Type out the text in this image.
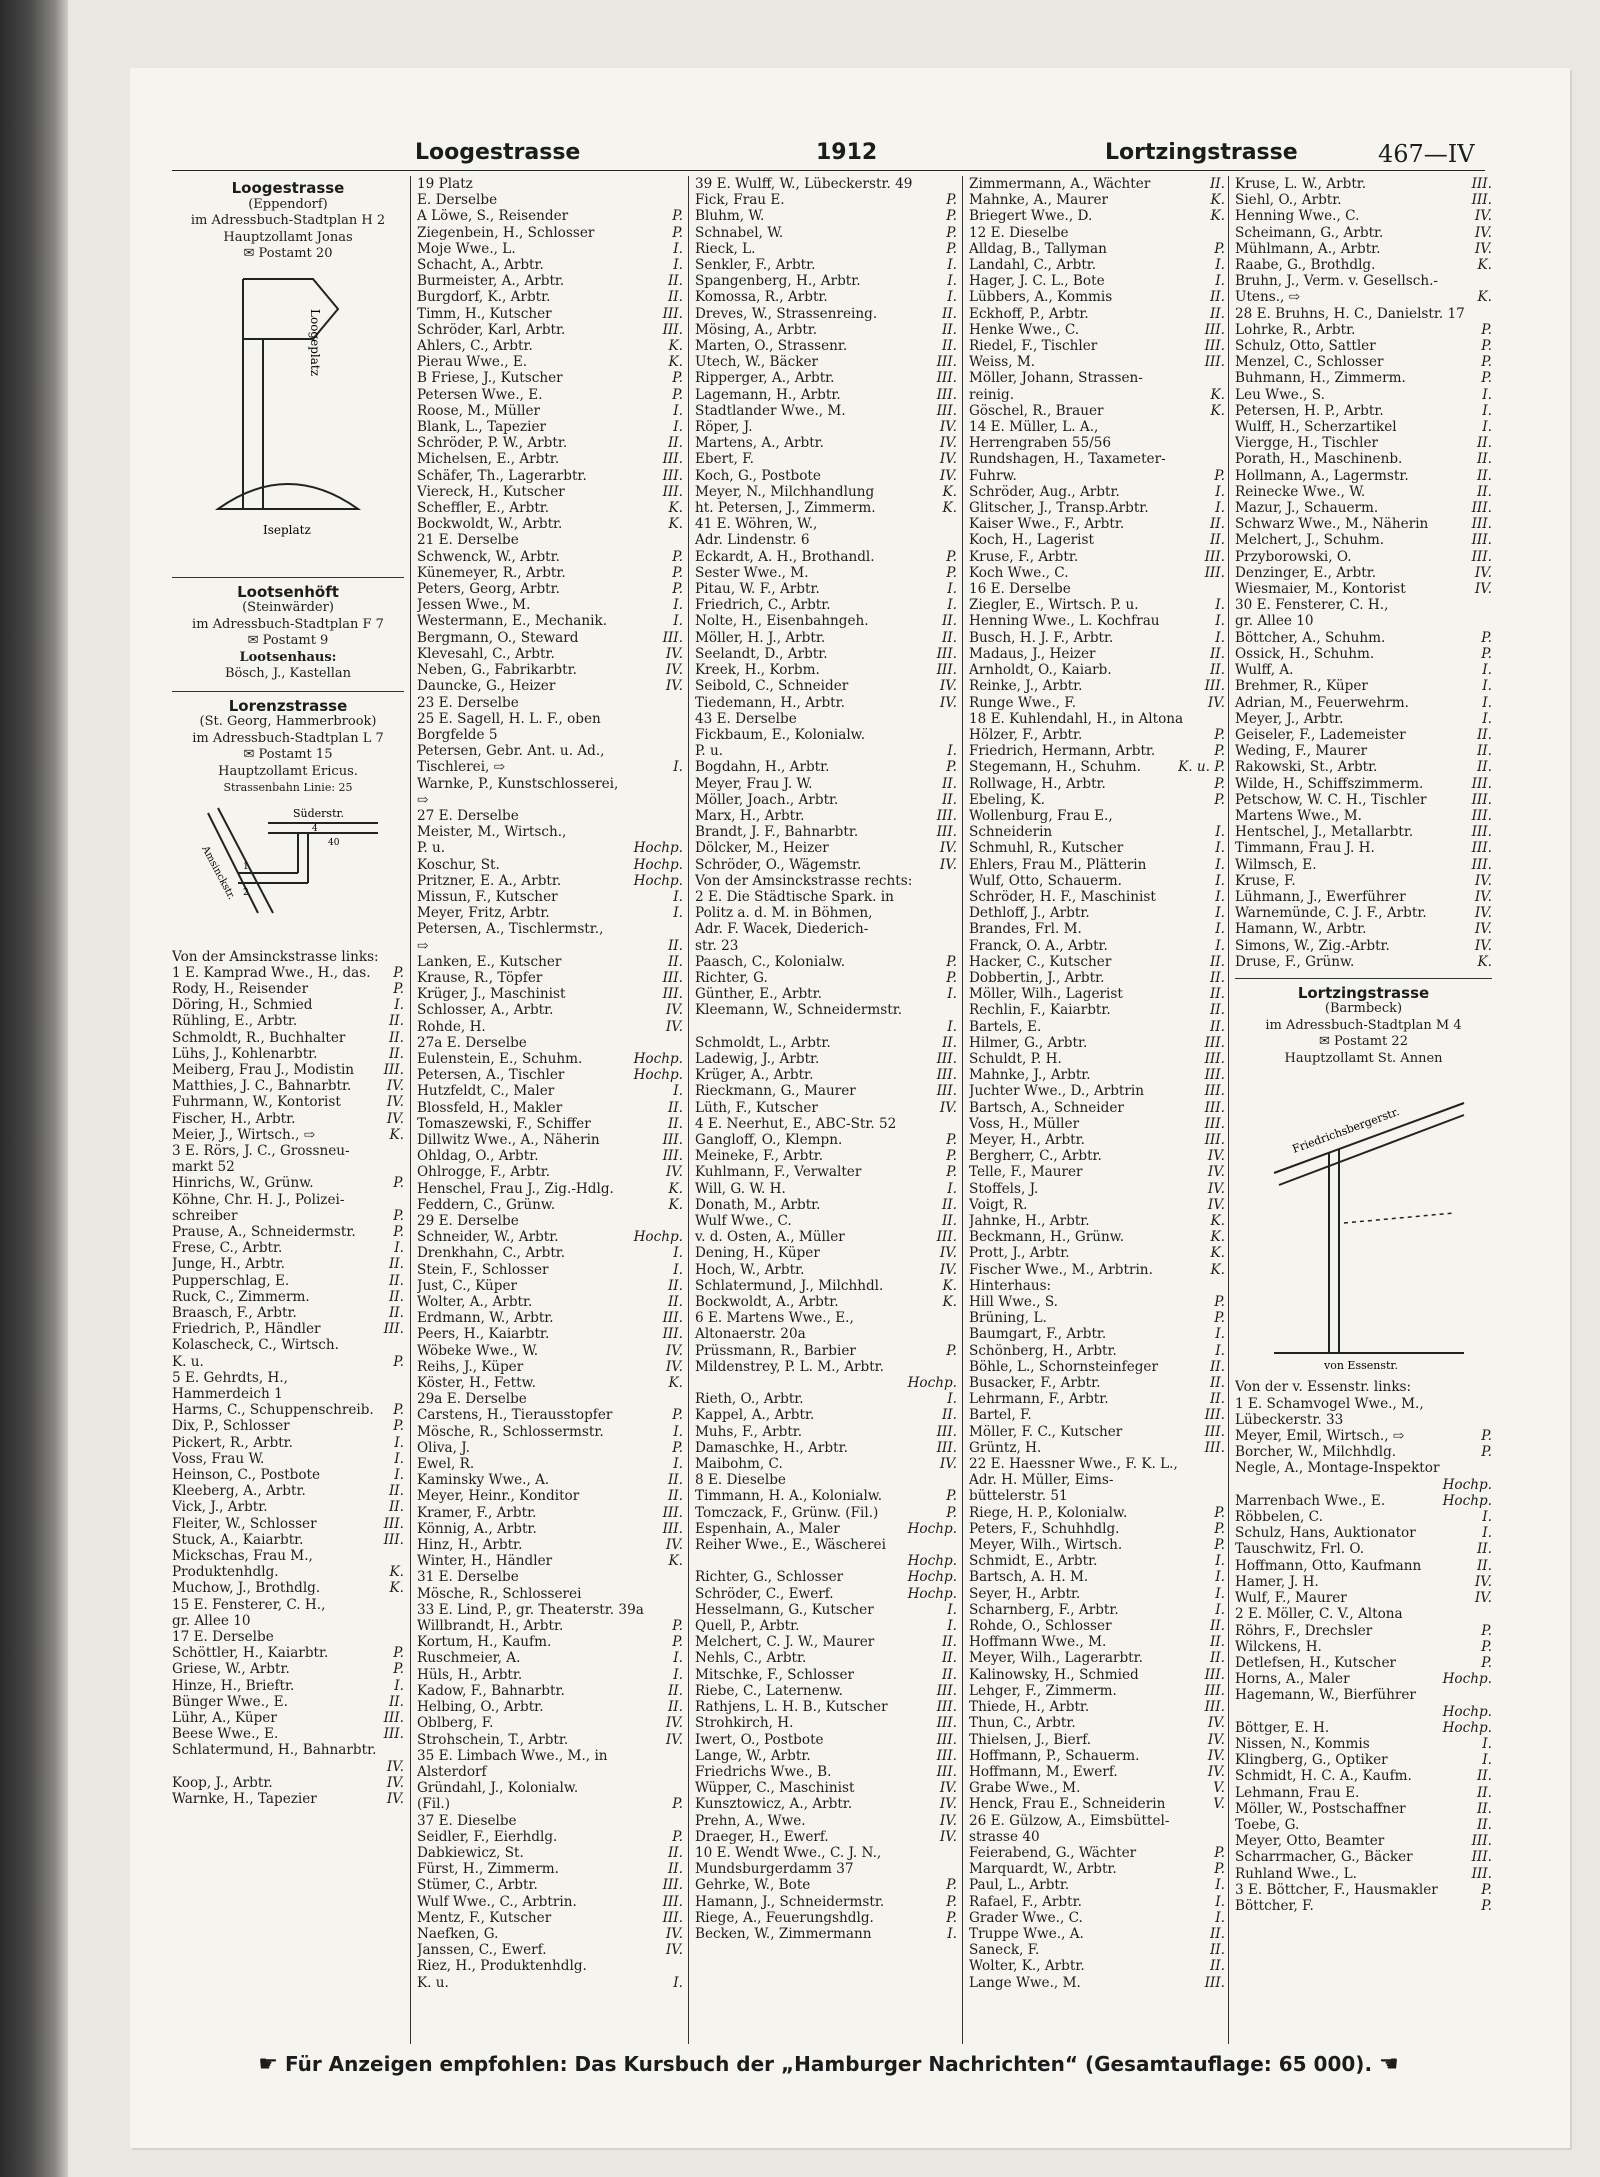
Loogestrasse	1912	Lortzingstrasse	467—IV
Loogestrasse
(Eppendorf)
im Adressbuch-Stadtplan H 2
Hauptzollamt Jonas
✉ Postamt 20
Loogeplatz
Iseplatz
Lootsenhöft
(Steinwärder)
im Adressbuch-Stadtplan F 7
✉ Postamt 9
Lootsenhaus:
Bösch, J., Kastellan
Lorenzstrasse
(St. Georg, Hammerbrook)
im Adressbuch-Stadtplan L 7
✉ Postamt 15
Hauptzollamt Ericus.
Strassenbahn Linie: 25
Süderstr.
Amsinckstr. 1
2
4
40
Von der Amsinckstrasse links:
1 E. Kamprad Wwe., H., das.	P.
Rody, H., Reisender	P.
Döring, H., Schmied	I.
Rühling, E., Arbtr.	II.
Schmoldt, R., Buchhalter	II.
Lühs, J., Kohlenarbtr.	II.
Meiberg, Frau J., Modistin	III.
Matthies, J. C., Bahnarbtr.	IV.
Fuhrmann, W., Kontorist	IV.
Fischer, H., Arbtr.	IV.
Meier, J., Wirtsch., ⇨	K.
3 E. Rörs, J. C., Grossneu-
markt 52
Hinrichs, W., Grünw.	P.
Köhne, Chr. H. J., Polizei-
schreiber	P.
Prause, A., Schneidermstr.	P.
Frese, C., Arbtr.	I.
Junge, H., Arbtr.	II.
Pupperschlag, E.	II.
Ruck, C., Zimmerm.	II.
Braasch, F., Arbtr.	II.
Friedrich, P., Händler	III.
Kolascheck, C., Wirtsch.
K. u.	P.
5 E. Gehrdts, H.,
Hammerdeich 1
Harms, C., Schuppenschreib.	P.
Dix, P., Schlosser	P.
Pickert, R., Arbtr.	I.
Voss, Frau W.	I.
Heinson, C., Postbote	I.
Kleeberg, A., Arbtr.	II.
Vick, J., Arbtr.	II.
Fleiter, W., Schlosser	III.
Stuck, A., Kaiarbtr.	III.
Mickschas, Frau M.,
Produktenhdlg.	K.
Muchow, J., Brothdlg.	K.
15 E. Fensterer, C. H.,
gr. Allee 10
17 E. Derselbe
Schöttler, H., Kaiarbtr.	P.
Griese, W., Arbtr.	P.
Hinze, H., Brieftr.	I.
Bünger Wwe., E.	II.
Lühr, A., Küper	III.
Beese Wwe., E.	III.
Schlatermund, H., Bahnarbtr.
IV.
Koop, J., Arbtr.	IV.
Warnke, H., Tapezier	IV.
19 Platz
E. Derselbe
A Löwe, S., Reisender	P.
Ziegenbein, H., Schlosser	P.
Moje Wwe., L.	I.
Schacht, A., Arbtr.	I.
Burmeister, A., Arbtr.	II.
Burgdorf, K., Arbtr.	II.
Timm, H., Kutscher	III.
Schröder, Karl, Arbtr.	III.
Ahlers, C., Arbtr.	K.
Pierau Wwe., E.	K.
B Friese, J., Kutscher	P.
Petersen Wwe., E.	P.
Roose, M., Müller	I.
Blank, L., Tapezier	I.
Schröder, P. W., Arbtr.	II.
Michelsen, E., Arbtr.	III.
Schäfer, Th., Lagerarbtr.	III.
Viereck, H., Kutscher	III.
Scheffler, E., Arbtr.	K.
Bockwoldt, W., Arbtr.	K.
21 E. Derselbe
Schwenck, W., Arbtr.	P.
Künemeyer, R., Arbtr.	P.
Peters, Georg, Arbtr.	P.
Jessen Wwe., M.	I.
Westermann, E., Mechanik.	I.
Bergmann, O., Steward	III.
Klevesahl, C., Arbtr.	IV.
Neben, G., Fabrikarbtr.	IV.
Dauncke, G., Heizer	IV.
23 E. Derselbe
25 E. Sagell, H. L. F., oben
Borgfelde 5
Petersen, Gebr. Ant. u. Ad.,
Tischlerei, ⇨	I.
Warnke, P., Kunstschlosserei,
⇨
27 E. Derselbe
Meister, M., Wirtsch.,
P. u.	Hochp.
Koschur, St.	Hochp.
Pritzner, E. A., Arbtr.	Hochp.
Missun, F., Kutscher	I.
Meyer, Fritz, Arbtr.	I.
Petersen, A., Tischlermstr.,
⇨	II.
Lanken, E., Kutscher	II.
Krause, R., Töpfer	III.
Krüger, J., Maschinist	III.
Schlosser, A., Arbtr.	IV.
Rohde, H.	IV.
27a E. Derselbe
Eulenstein, E., Schuhm.	Hochp.
Petersen, A., Tischler	Hochp.
Hutzfeldt, C., Maler	I.
Blossfeld, H., Makler	II.
Tomaszewski, F., Schiffer	II.
Dillwitz Wwe., A., Näherin	III.
Ohldag, O., Arbtr.	III.
Ohlrogge, F., Arbtr.	IV.
Henschel, Frau J., Zig.-Hdlg.	K.
Feddern, C., Grünw.	K.
29 E. Derselbe
Schneider, W., Arbtr.	Hochp.
Drenkhahn, C., Arbtr.	I.
Stein, F., Schlosser	I.
Just, C., Küper	II.
Wolter, A., Arbtr.	II.
Erdmann, W., Arbtr.	III.
Peers, H., Kaiarbtr.	III.
Wöbeke Wwe., W.	IV.
Reihs, J., Küper	IV.
Köster, H., Fettw.	K.
29a E. Derselbe
Carstens, H., Tierausstopfer	P.
Mösche, R., Schlossermstr.	I.
Oliva, J.	P.
Ewel, R.	I.
Kaminsky Wwe., A.	II.
Meyer, Heinr., Konditor	II.
Kramer, F., Arbtr.	III.
Könnig, A., Arbtr.	III.
Hinz, H., Arbtr.	IV.
Winter, H., Händler	K.
31 E. Derselbe
Mösche, R., Schlosserei
33 E. Lind, P., gr. Theaterstr. 39a
Willbrandt, H., Arbtr.	P.
Kortum, H., Kaufm.	P.
Ruschmeier, A.	I.
Hüls, H., Arbtr.	I.
Kadow, F., Bahnarbtr.	II.
Helbing, O., Arbtr.	II.
Oblberg, F.	IV.
Strohschein, T., Arbtr.	IV.
35 E. Limbach Wwe., M., in
Alsterdorf
Gründahl, J., Kolonialw.
(Fil.)	P.
37 E. Dieselbe
Seidler, F., Eierhdlg.	P.
Dabkiewicz, St.	II.
Fürst, H., Zimmerm.	II.
Stümer, C., Arbtr.	III.
Wulf Wwe., C., Arbtrin.	III.
Mentz, F., Kutscher	III.
Naefken, G.	IV.
Janssen, C., Ewerf.	IV.
Riez, H., Produktenhdlg.
K. u.	I.
39 E. Wulff, W., Lübeckerstr. 49
Fick, Frau E.	P.
Bluhm, W.	P.
Schnabel, W.	P.
Rieck, L.	P.
Senkler, F., Arbtr.	I.
Spangenberg, H., Arbtr.	I.
Komossa, R., Arbtr.	I.
Dreves, W., Strassenreing.	II.
Mösing, A., Arbtr.	II.
Marten, O., Strassenr.	II.
Utech, W., Bäcker	III.
Ripperger, A., Arbtr.	III.
Lagemann, H., Arbtr.	III.
Stadtlander Wwe., M.	III.
Röper, J.	IV.
Martens, A., Arbtr.	IV.
Ebert, F.	IV.
Koch, G., Postbote	IV.
Meyer, N., Milchhandlung	K.
ht. Petersen, J., Zimmerm.	K.
41 E. Wöhren, W.,
Adr. Lindenstr. 6
Eckardt, A. H., Brothandl.	P.
Sester Wwe., M.	P.
Pitau, W. F., Arbtr.	I.
Friedrich, C., Arbtr.	I.
Nolte, H., Eisenbahngeh.	II.
Möller, H. J., Arbtr.	II.
Seelandt, D., Arbtr.	III.
Kreek, H., Korbm.	III.
Seibold, C., Schneider	IV.
Tiedemann, H., Arbtr.	IV.
43 E. Derselbe
Fickbaum, E., Kolonialw.
P. u.	I.
Bogdahn, H., Arbtr.	P.
Meyer, Frau J. W.	II.
Möller, Joach., Arbtr.	II.
Marx, H., Arbtr.	III.
Brandt, J. F., Bahnarbtr.	III.
Dölcker, M., Heizer	IV.
Schröder, O., Wägemstr.	IV.
Von der Amsinckstrasse rechts:
2 E. Die Städtische Spark. in
Politz a. d. M. in Böhmen,
Adr. F. Wacek, Diederich-
str. 23
Paasch, C., Kolonialw.	P.
Richter, G.	P.
Günther, E., Arbtr.	I.
Kleemann, W., Schneidermstr.
I.
Schmoldt, L., Arbtr.	II.
Ladewig, J., Arbtr.	III.
Krüger, A., Arbtr.	III.
Rieckmann, G., Maurer	III.
Lüth, F., Kutscher	IV.
4 E. Neerhut, E., ABC-Str. 52
Gangloff, O., Klempn.	P.
Meineke, F., Arbtr.	P.
Kuhlmann, F., Verwalter	P.
Will, G. W. H.	I.
Donath, M., Arbtr.	II.
Wulf Wwe., C.	II.
v. d. Osten, A., Müller	III.
Dening, H., Küper	IV.
Hoch, W., Arbtr.	IV.
Schlatermund, J., Milchhdl.	K.
Bockwoldt, A., Arbtr.	K.
6 E. Martens Wwe., E.,
Altonaerstr. 20a
Prüssmann, R., Barbier	P.
Mildenstrey, P. L. M., Arbtr.
Hochp.
Rieth, O., Arbtr.	I.
Kappel, A., Arbtr.	II.
Muhs, F., Arbtr.	III.
Damaschke, H., Arbtr.	III.
Maibohm, C.	IV.
8 E. Dieselbe
Timmann, H. A., Kolonialw.	P.
Tomczack, F., Grünw. (Fil.)	P.
Espenhain, A., Maler	Hochp.
Reiher Wwe., E., Wäscherei
Hochp.
Richter, G., Schlosser	Hochp.
Schröder, C., Ewerf.	Hochp.
Hesselmann, G., Kutscher	I.
Quell, P., Arbtr.	I.
Melchert, C. J. W., Maurer	II.
Nehls, C., Arbtr.	II.
Mitschke, F., Schlosser	II.
Riebe, C., Laternenw.	III.
Rathjens, L. H. B., Kutscher	III.
Strohkirch, H.	III.
Iwert, O., Postbote	III.
Lange, W., Arbtr.	III.
Friedrichs Wwe., B.	III.
Wüpper, C., Maschinist	IV.
Kunsztowicz, A., Arbtr.	IV.
Prehn, A., Wwe.	IV.
Draeger, H., Ewerf.	IV.
10 E. Wendt Wwe., C. J. N.,
Mundsburgerdamm 37
Gehrke, W., Bote	P.
Hamann, J., Schneidermstr.	P.
Riege, A., Feuerungshdlg.	P.
Becken, W., Zimmermann	I.
Zimmermann, A., Wächter	II.
Mahnke, A., Maurer	K.
Briegert Wwe., D.	K.
12 E. Dieselbe
Alldag, B., Tallyman	P.
Landahl, C., Arbtr.	I.
Hager, J. C. L., Bote	I.
Lübbers, A., Kommis	II.
Eckhoff, P., Arbtr.	II.
Henke Wwe., C.	III.
Riedel, F., Tischler	III.
Weiss, M.	III.
Möller, Johann, Strassen-
reinig.	K.
Göschel, R., Brauer	K.
14 E. Müller, L. A.,
Herrengraben 55/56
Rundshagen, H., Taxameter-
Fuhrw.	P.
Schröder, Aug., Arbtr.	I.
Glitscher, J., Transp.Arbtr.	I.
Kaiser Wwe., F., Arbtr.	II.
Koch, H., Lagerist	II.
Kruse, F., Arbtr.	III.
Koch Wwe., C.	III.
16 E. Derselbe
Ziegler, E., Wirtsch. P. u.	I.
Henning Wwe., L. Kochfrau	I.
Busch, H. J. F., Arbtr.	I.
Madaus, J., Heizer	II.
Arnholdt, O., Kaiarb.	II.
Reinke, J., Arbtr.	III.
Runge Wwe., F.	IV.
18 E. Kuhlendahl, H., in Altona
Hölzer, F., Arbtr.	P.
Friedrich, Hermann, Arbtr.	P.
Stegemann, H., Schuhm.	K. u. P.
Rollwage, H., Arbtr.	P.
Ebeling, K.	P.
Wollenburg, Frau E.,
Schneiderin	I.
Schmuhl, R., Kutscher	I.
Ehlers, Frau M., Plätterin	I.
Wulf, Otto, Schauerm.	I.
Schröder, H. F., Maschinist	I.
Dethloff, J., Arbtr.	I.
Brandes, Frl. M.	I.
Franck, O. A., Arbtr.	I.
Hacker, C., Kutscher	II.
Dobbertin, J., Arbtr.	II.
Möller, Wilh., Lagerist	II.
Rechlin, F., Kaiarbtr.	II.
Bartels, E.	II.
Hilmer, G., Arbtr.	III.
Schuldt, P. H.	III.
Mahnke, J., Arbtr.	III.
Juchter Wwe., D., Arbtrin	III.
Bartsch, A., Schneider	III.
Voss, H., Müller	III.
Meyer, H., Arbtr.	III.
Bergherr, C., Arbtr.	IV.
Telle, F., Maurer	IV.
Stoffels, J.	IV.
Voigt, R.	IV.
Jahnke, H., Arbtr.	K.
Beckmann, H., Grünw.	K.
Prott, J., Arbtr.	K.
Fischer Wwe., M., Arbtrin.	K.
Hinterhaus:
Hill Wwe., S.	P.
Brüning, L.	P.
Baumgart, F., Arbtr.	I.
Schönberg, H., Arbtr.	I.
Böhle, L., Schornsteinfeger	II.
Busacker, F., Arbtr.	II.
Lehrmann, F., Arbtr.	II.
Bartel, F.	III.
Möller, F. C., Kutscher	III.
Grüntz, H.	III.
22 E. Haessner Wwe., F. K. L.,
Adr. H. Müller, Eims-
büttelerstr. 51
Riege, H. P., Kolonialw.	P.
Peters, F., Schuhhdlg.	P.
Meyer, Wilh., Wirtsch.	P.
Schmidt, E., Arbtr.	I.
Bartsch, A. H. M.	I.
Seyer, H., Arbtr.	I.
Scharnberg, F., Arbtr.	I.
Rohde, O., Schlosser	II.
Hoffmann Wwe., M.	II.
Meyer, Wilh., Lagerarbtr.	II.
Kalinowsky, H., Schmied	III.
Lehger, F., Zimmerm.	III.
Thiede, H., Arbtr.	III.
Thun, C., Arbtr.	IV.
Thielsen, J., Bierf.	IV.
Hoffmann, P., Schauerm.	IV.
Hoffmann, M., Ewerf.	IV.
Grabe Wwe., M.	V.
Henck, Frau E., Schneiderin	V.
26 E. Gülzow, A., Eimsbüttel-
strasse 40
Feierabend, G., Wächter	P.
Marquardt, W., Arbtr.	P.
Paul, L., Arbtr.	I.
Rafael, F., Arbtr.	I.
Grader Wwe., C.	I.
Truppe Wwe., A.	II.
Saneck, F.	II.
Wolter, K., Arbtr.	II.
Lange Wwe., M.	III.
Kruse, L. W., Arbtr.	III.
Siehl, O., Arbtr.	III.
Henning Wwe., C.	IV.
Scheimann, G., Arbtr.	IV.
Mühlmann, A., Arbtr.	IV.
Raabe, G., Brothdlg.	K.
Bruhn, J., Verm. v. Gesellsch.-
Utens., ⇨	K.
28 E. Bruhns, H. C., Danielstr. 17
Lohrke, R., Arbtr.	P.
Schulz, Otto, Sattler	P.
Menzel, C., Schlosser	P.
Buhmann, H., Zimmerm.	P.
Leu Wwe., S.	I.
Petersen, H. P., Arbtr.	I.
Wulff, H., Scherzartikel	I.
Viergge, H., Tischler	II.
Porath, H., Maschinenb.	II.
Hollmann, A., Lagermstr.	II.
Reinecke Wwe., W.	II.
Mazur, J., Schauerm.	III.
Schwarz Wwe., M., Näherin	III.
Melchert, J., Schuhm.	III.
Przyborowski, O.	III.
Denzinger, E., Arbtr.	IV.
Wiesmaier, M., Kontorist	IV.
30 E. Fensterer, C. H.,
gr. Allee 10
Böttcher, A., Schuhm.	P.
Ossick, H., Schuhm.	P.
Wulff, A.	I.
Brehmer, R., Küper	I.
Adrian, M., Feuerwehrm.	I.
Meyer, J., Arbtr.	I.
Geiseler, F., Lademeister	II.
Weding, F., Maurer	II.
Rakowski, St., Arbtr.	II.
Wilde, H., Schiffszimmerm.	III.
Petschow, W. C. H., Tischler	III.
Martens Wwe., M.	III.
Hentschel, J., Metallarbtr.	III.
Timmann, Frau J. H.	III.
Wilmsch, E.	III.
Kruse, F.	IV.
Lühmann, J., Ewerführer	IV.
Warnemünde, C. J. F., Arbtr.	IV.
Hamann, W., Arbtr.	IV.
Simons, W., Zig.-Arbtr.	IV.
Druse, F., Grünw.	K.
Lortzingstrasse
(Barmbeck)
im Adressbuch-Stadtplan M 4
✉ Postamt 22
Hauptzollamt St. Annen
Friedrichsbergerstr.
von Essenstr.
Von der v. Essenstr. links:
1 E. Schamvogel Wwe., M.,
Lübeckerstr. 33
Meyer, Emil, Wirtsch., ⇨	P.
Borcher, W., Milchhdlg.	P.
Negle, A., Montage-Inspektor
Hochp.
Marrenbach Wwe., E.	Hochp.
Röbbelen, C.	I.
Schulz, Hans, Auktionator	I.
Tauschwitz, Frl. O.	II.
Hoffmann, Otto, Kaufmann	II.
Hamer, J. H.	IV.
Wulf, F., Maurer	IV.
2 E. Möller, C. V., Altona
Röhrs, F., Drechsler	P.
Wilckens, H.	P.
Detlefsen, H., Kutscher	P.
Horns, A., Maler	Hochp.
Hagemann, W., Bierführer
Hochp.
Böttger, E. H.	Hochp.
Nissen, N., Kommis	I.
Klingberg, G., Optiker	I.
Schmidt, H. C. A., Kaufm.	II.
Lehmann, Frau E.	II.
Möller, W., Postschaffner	II.
Toebe, G.	II.
Meyer, Otto, Beamter	III.
Scharrmacher, G., Bäcker	III.
Ruhland Wwe., L.	III.
3 E. Böttcher, F., Hausmakler	P.
Böttcher, F.	P.
☛ Für Anzeigen empfohlen: Das Kursbuch der „Hamburger Nachrichten“ (Gesamtauflage: 65 000). ☚
